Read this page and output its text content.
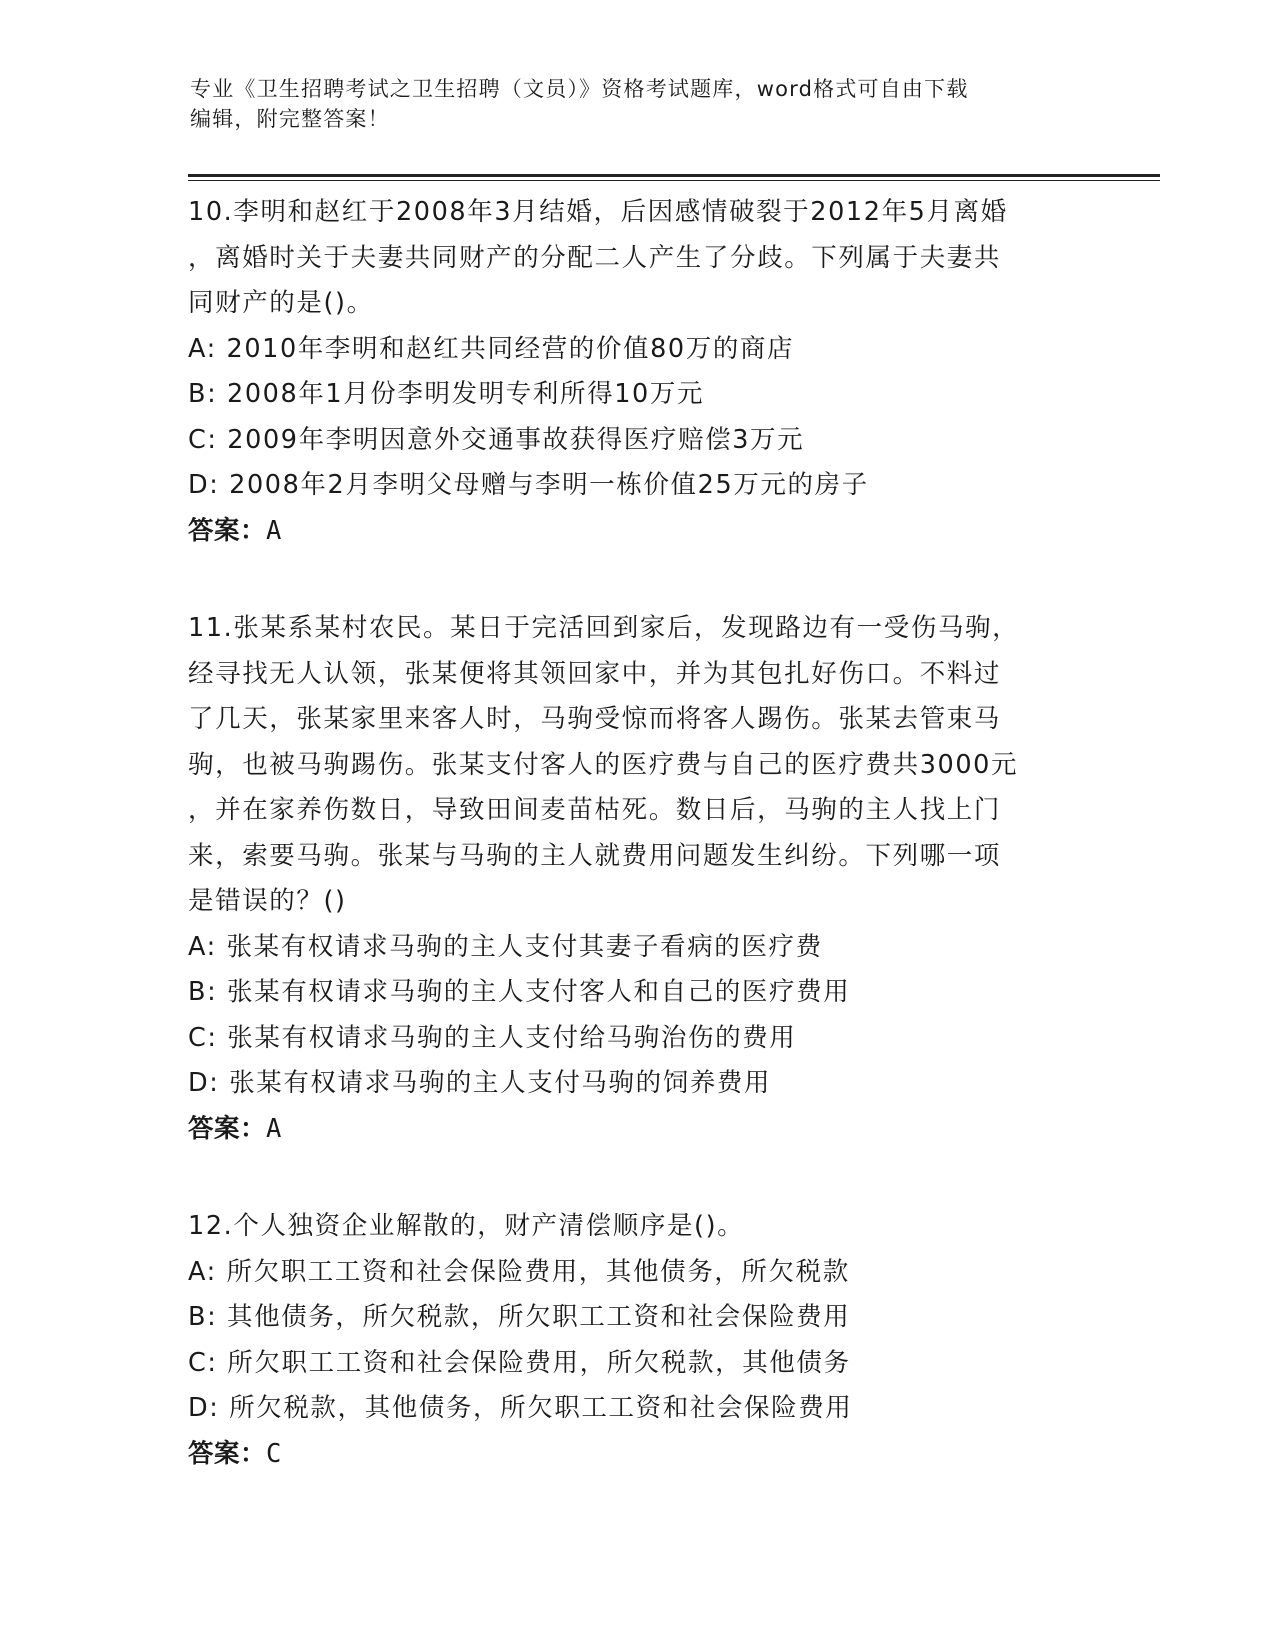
专业《卫生招聘考试之卫生招聘（文员）》资格考试题库，word格式可自由下载
编辑，附完整答案！
10.李明和赵红于2008年3月结婚，后因感情破裂于2012年5月离婚
，离婚时关于夫妻共同财产的分配二人产生了分歧。下列属于夫妻共
同财产的是()。
A: 2010年李明和赵红共同经营的价值80万的商店
B: 2008年1月份李明发明专利所得10万元
C: 2009年李明因意外交通事故获得医疗赔偿3万元
D: 2008年2月李明父母赠与李明一栋价值25万元的房子
答案：A
11.张某系某村农民。某日于完活回到家后，发现路边有一受伤马驹，
经寻找无人认领，张某便将其领回家中，并为其包扎好伤口。不料过
了几天，张某家里来客人时，马驹受惊而将客人踢伤。张某去管束马
驹，也被马驹踢伤。张某支付客人的医疗费与自己的医疗费共3000元
，并在家养伤数日，导致田间麦苗枯死。数日后，马驹的主人找上门
来，索要马驹。张某与马驹的主人就费用问题发生纠纷。下列哪一项
是错误的？()
A: 张某有权请求马驹的主人支付其妻子看病的医疗费
B: 张某有权请求马驹的主人支付客人和自己的医疗费用
C: 张某有权请求马驹的主人支付给马驹治伤的费用
D: 张某有权请求马驹的主人支付马驹的饲养费用
答案：A
12.个人独资企业解散的，财产清偿顺序是()。
A: 所欠职工工资和社会保险费用，其他债务，所欠税款
B: 其他债务，所欠税款，所欠职工工资和社会保险费用
C: 所欠职工工资和社会保险费用，所欠税款，其他债务
D: 所欠税款，其他债务，所欠职工工资和社会保险费用
答案：C
